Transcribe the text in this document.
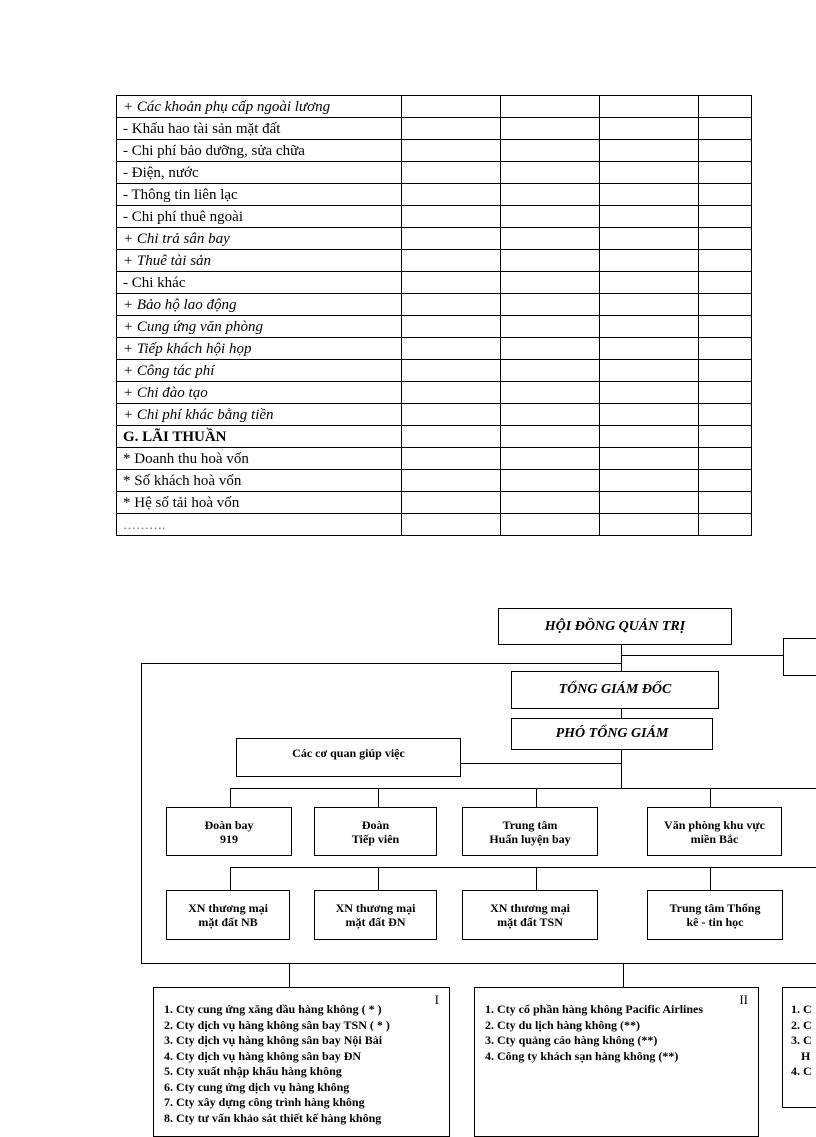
+ Các khoản phụ cấp ngoài lương				
- Khấu hao tài sản mặt đất				
- Chi phí bảo dưỡng, sửa chữa				
- Điện, nước				
- Thông tin liên lạc				
- Chi phí thuê ngoài				
+ Chi trả sân bay				
+ Thuê tài sản				
- Chi khác				
+ Bảo hộ lao động				
+ Cung ứng văn phòng				
+ Tiếp khách hội họp				
+ Công tác phí				
+ Chi đào tạo				
+ Chi phí khác bằng tiền				
G. LÃI THUẦN				
* Doanh thu hoà vốn				
* Số khách hoà vốn				
* Hệ số tải hoà vốn				
……….				
HỘI ĐỒNG QUẢN TRỊ
TỔNG GIÁM ĐỐC
PHÓ TỔNG GIÁM
Các cơ quan giúp việc
Đoàn bay
919
Đoàn
Tiếp viên
Trung tâm
Huấn luyện bay
Văn phòng khu vực
miền Bắc
XN thương mại
mặt đất NB
XN thương mại
mặt đất ĐN
XN thương mại
mặt đất TSN
Trung tâm Thống
kê - tin học
I
1. Cty cung ứng xăng dầu hàng không ( * )
2. Cty dịch vụ hàng không sân bay TSN ( * )
3. Cty dịch vụ hàng không sân bay Nội Bài
4. Cty dịch vụ hàng không sân bay ĐN
5. Cty xuất nhập khẩu hàng không
6. Cty cung ứng dịch vụ hàng không
7. Cty xây dựng công trình hàng không
8. Cty tư vấn khảo sát thiết kế hàng không
II
1. Cty cổ phần hàng không Pacific Airlines
2. Cty du lịch hàng không (**)
3. Cty quảng cáo hàng không (**)
4. Công ty khách sạn hàng không (**)
1. C
2. C
3. C
H
4. C
